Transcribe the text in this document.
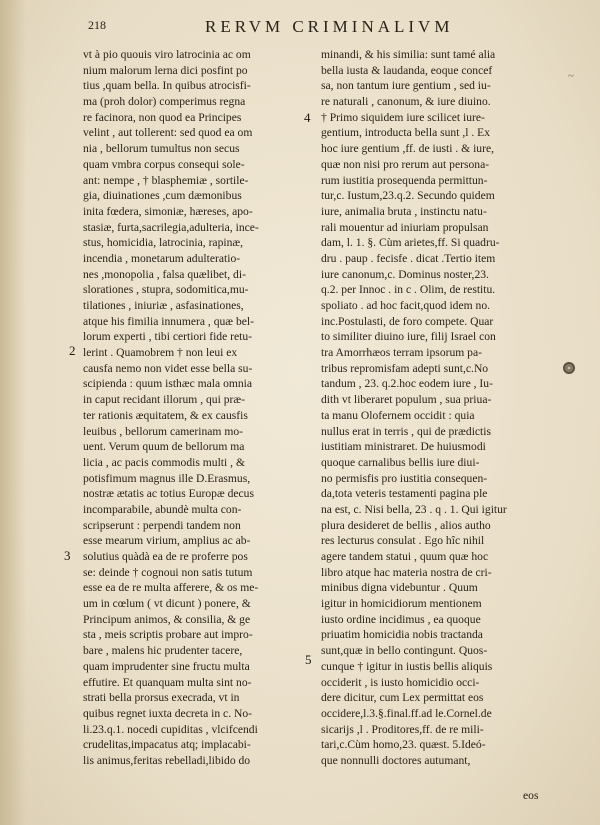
218	RERVM CRIMINALIVM
vt à pio quouis viro latrocinia ac om
nium malorum lerna dici posfint po
tius ,quam bella. In quibus atrocisfi-
ma (proh dolor) comperimus regna
re facinora, non quod ea Principes
velint , aut tollerent: sed quod ea om
nia , bellorum tumultus non secus
quam vmbra corpus consequi sole-
ant: nempe , † blasphemiæ , sortile-
gia, diuinationes ,cum dæmonibus
inita fœdera, simoniæ, hæreses, apo-
stasiæ, furta,sacrilegia,adulteria, ince-
stus, homicidia, latrocinia, rapinæ,
incendia , monetarum adulteratio-
nes ,monopolia , falsa quælibet, di-
slorationes , stupra, sodomitica,mu-
tilationes , iniuriæ , asfasinationes,
atque his fimilia innumera , quæ bel-
lorum experti , tibi certiori fide retu-
lerint . Quamobrem † non leui ex
causfa nemo non videt esse bella su-
scipienda : quum isthæc mala omnia
in caput recidant illorum , qui præ-
ter rationis æquitatem, & ex causfis
leuibus , bellorum camerinam mo-
uent. Verum quum de bellorum ma
licia , ac pacis commodis multi , &
potisfimum magnus ille D.Erasmus,
nostræ ætatis ac totius Europæ decus
incomparabile, abundè multa con-
scripserunt : perpendi tandem non
esse mearum virium, amplius ac ab-
solutius quàdà ea de re proferre pos
se: deinde † cognoui non satis tutum
esse ea de re multa afferere, & os me-
um in cœlum ( vt dicunt ) ponere, &
Principum animos, & consilia, & ge
sta , meis scriptis probare aut impro-
bare , malens hic prudenter tacere,
quam imprudenter sine fructu multa
effutire. Et quanquam multa sint no-
strati bella prorsus execrada, vt in
quibus regnet iuxta decreta in c. No-
li.23.q.1. nocedi cupiditas , vlcifcendi
crudelitas,impacatus atq; implacabi-
lis animus,feritas rebelladi,libido do
minandi, & his similia: sunt tamé alia
bella iusta & laudanda, eoque concef
sa, non tantum iure gentium , sed iu-
re naturali , canonum, & iure diuino.
† Primo siquidem iure scilicet iure-
gentium, introducta bella sunt ,l . Ex
hoc iure gentium ,ff. de iusti . & iure,
quæ non nisi pro rerum aut persona-
rum iustitia prosequenda permittun-
tur,c. Iustum,23.q.2. Secundo quidem
iure, animalia bruta , instinctu natu-
rali mouentur ad iniuriam propulsan
dam, l. 1. §. Cùm arietes,ff. Si quadru-
dru . paup . fecisfe . dicat .Tertio item
iure canonum,c. Dominus noster,23.
q.2. per Innoc . in c . Olim, de restitu.
spoliato . ad hoc facit,quod idem no.
inc.Postulasti, de foro compete. Quar
to similiter diuino iure, filij Israel con
tra Amorrhæos terram ipsorum pa-
tribus repromisfam adepti sunt,c.No
tandum , 23. q.2.hoc eodem iure , Iu-
dith vt liberaret populum , sua priua-
ta manu Olofernem occidit : quia
nullus erat in terris , qui de prædictis
iustitiam ministraret. De huiusmodi
quoque carnalibus bellis iure diui-
no permisfis pro iustitia consequen-
da,tota veteris testamenti pagina ple
na est, c. Nisi bella, 23 . q . 1. Qui igitur
plura desideret de bellis , alios autho
res lecturus consulat . Ego hîc nihil
agere tandem statui , quum quæ hoc
libro atque hac materia nostra de cri-
minibus digna videbuntur . Quum
igitur in homicidiorum mentionem
iusto ordine incidimus , ea quoque
priuatim homicidia nobis tractanda
sunt,quæ in bello contingunt. Quos-
cunque † igitur in iustis bellis aliquis
occiderit , is iusto homicidio occi-
dere dicitur, cum Lex permittat eos
occidere,l.3.§.final.ff.ad le.Cornel.de
sicarijs ,l . Proditores,ff. de re mili-
tari,c.Cùm homo,23. quæst. 5.Ideó-
que nonnulli doctores autumant,
2
3
4
5
~
eos
